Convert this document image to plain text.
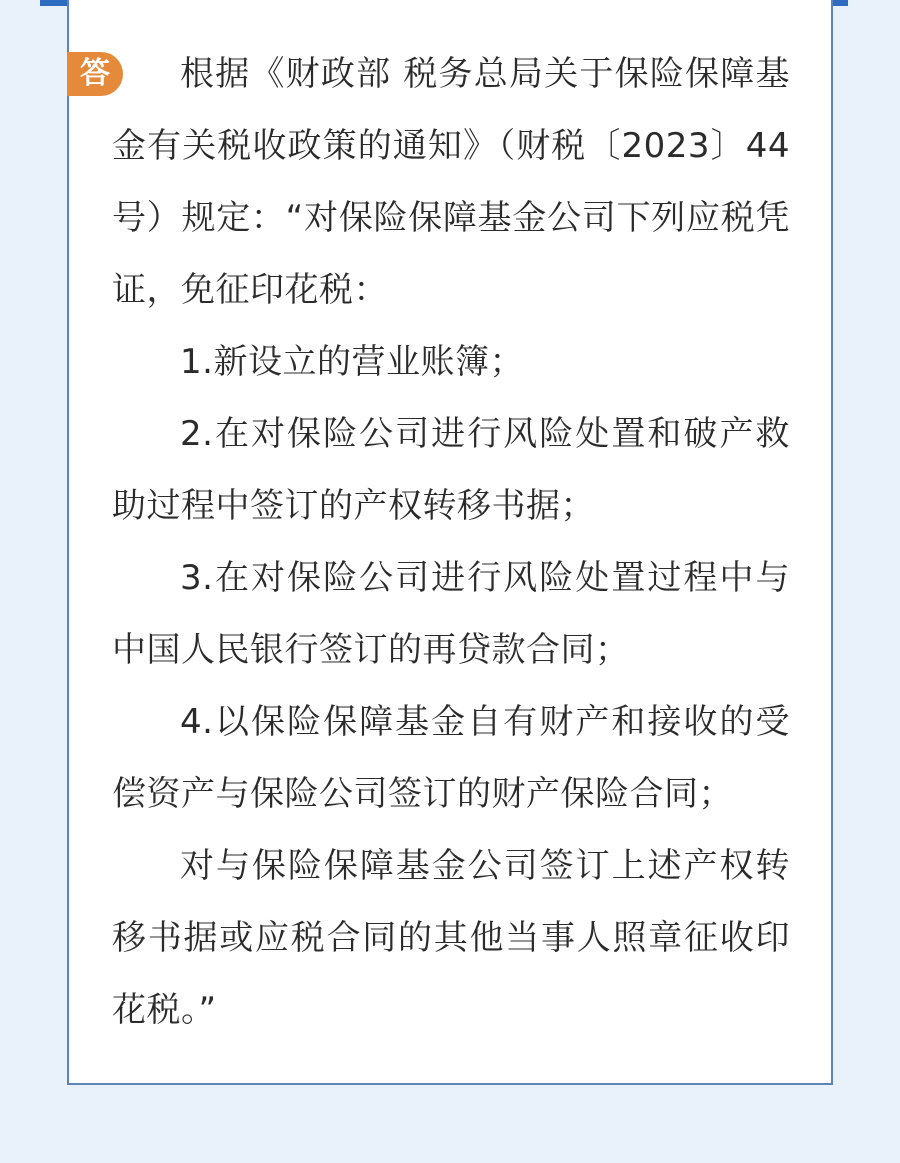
答	根据《财政部 税务总局关于保险保障基金有关税收政策的通知》（财税〔2023〕44号）规定：“对保险保障基金公司下列应税凭证，免征印花税：

1.新设立的营业账簿；

2.在对保险公司进行风险处置和破产救助过程中签订的产权转移书据；

3.在对保险公司进行风险处置过程中与中国人民银行签订的再贷款合同；

4.以保险保障基金自有财产和接收的受偿资产与保险公司签订的财产保险合同；

对与保险保障基金公司签订上述产权转移书据或应税合同的其他当事人照章征收印花税。”
